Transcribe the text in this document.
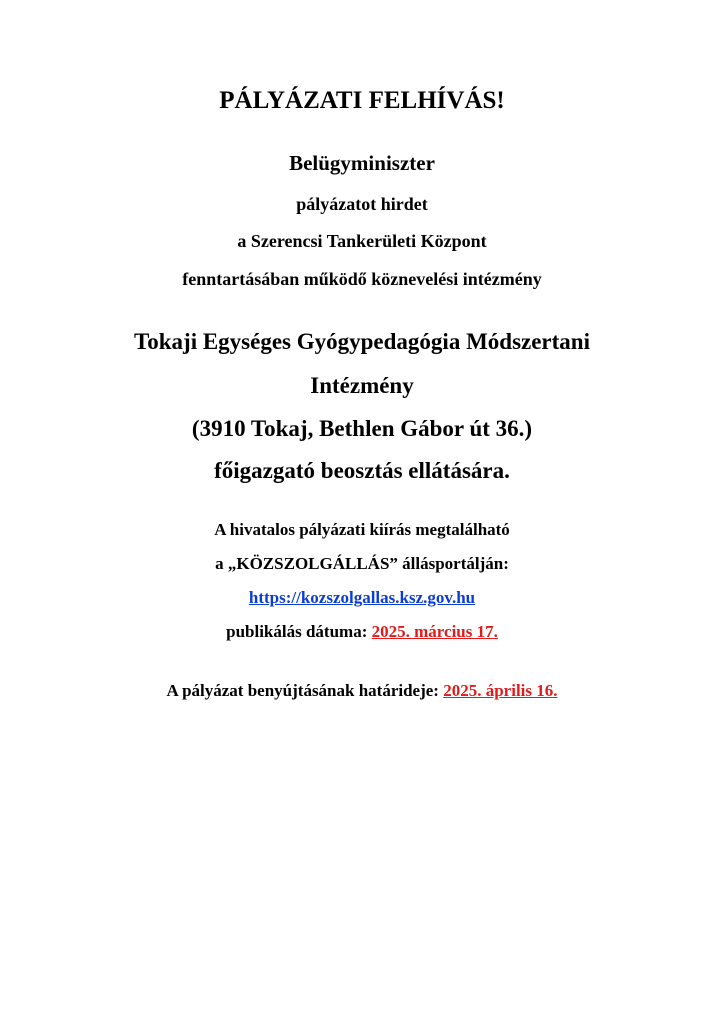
PÁLYÁZATI FELHÍVÁS!
Belügyminiszter
pályázatot hirdet
a Szerencsi Tankerületi Központ
fenntartásában működő köznevelési intézmény
Tokaji Egységes Gyógypedagógia Módszertani
Intézmény
(3910 Tokaj, Bethlen Gábor út 36.)
főigazgató beosztás ellátására.
A hivatalos pályázati kiírás megtalálható
a „KÖZSZOLGÁLLÁS” állásportálján:
https://kozszolgallas.ksz.gov.hu
publikálás dátuma: 2025. március 17.
A pályázat benyújtásának határideje: 2025. április 16.
